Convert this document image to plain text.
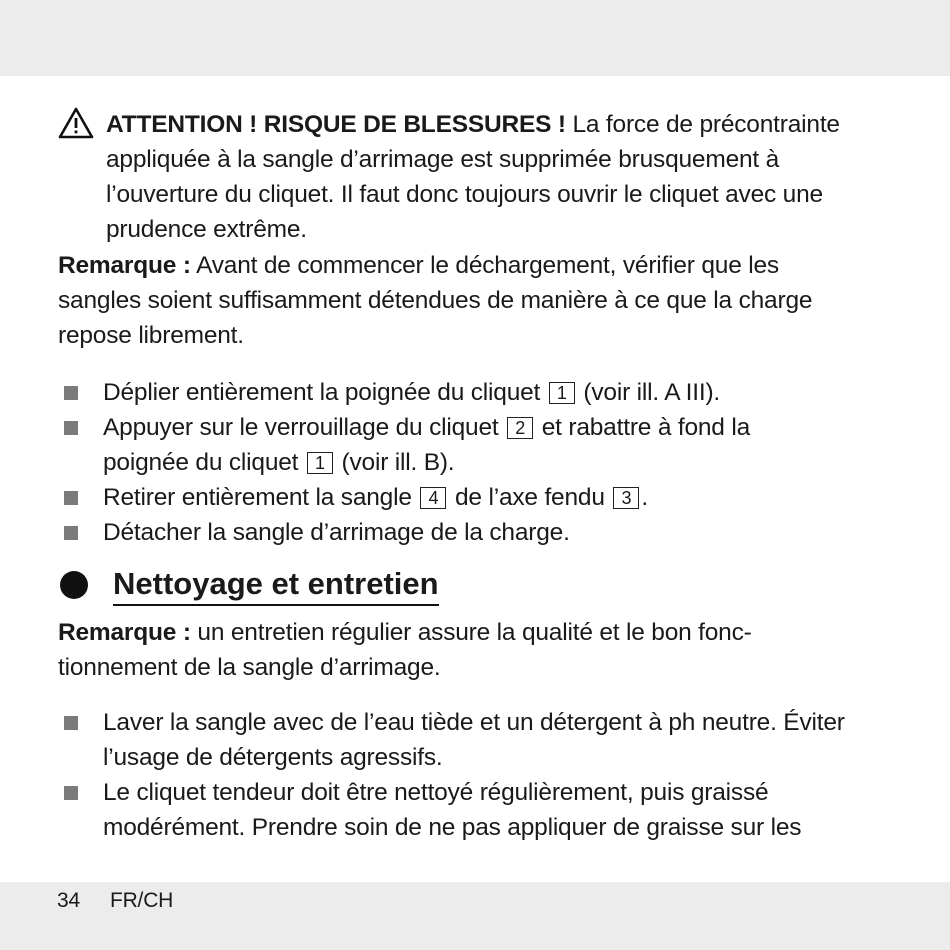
ATTENTION ! RISQUE DE BLESSURES ! La force de précontrainte
appliquée à la sangle d’arrimage est supprimée brusquement à
l’ouverture du cliquet. Il faut donc toujours ouvrir le cliquet avec une
prudence extrême.
Remarque : Avant de commencer le déchargement, vérifier que les
sangles soient suffisamment détendues de manière à ce que la charge
repose librement.
Déplier entièrement la poignée du cliquet 1 (voir ill. A III).
Appuyer sur le verrouillage du cliquet 2 et rabattre à fond la
poignée du cliquet 1 (voir ill. B).
Retirer entièrement la sangle 4 de l’axe fendu 3 .
Détacher la sangle d’arrimage de la charge.
Nettoyage et entretien
Remarque : un entretien régulier assure la qualité et le bon fonc-
tionnement de la sangle d’arrimage.
Laver la sangle avec de l’eau tiède et un détergent à ph neutre. Éviter
l’usage de détergents agressifs.
Le cliquet tendeur doit être nettoyé régulièrement, puis graissé
modérément. Prendre soin de ne pas appliquer de graisse sur les
34 FR/CH
